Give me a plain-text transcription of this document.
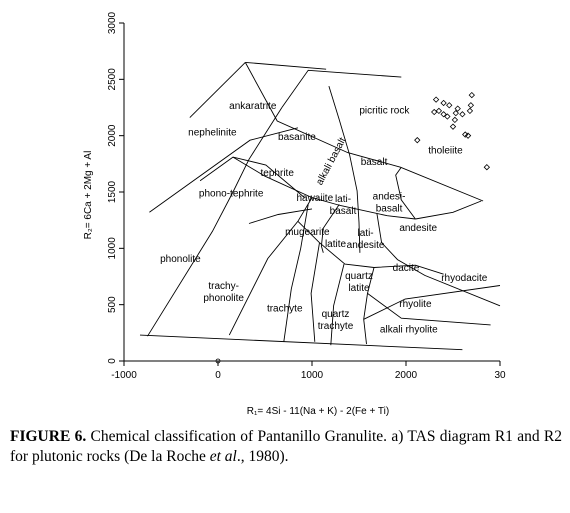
-1000	0	1000	2000	30
0
500
1000
1500
2000
2500
3000
ankaratrite	picritic rock
nephelinite	basanite
alkali basalt basalt
tholeiite
tephrite
hawaiite lati-basalt
andesi-basalt
phono-tephrite
mugearite
latite
lati-andesite
andesite
phonolite
dacite
quartz latite
rhyodacite
trachy-phonolite
trachyte
quartz trachyte
rhyolite
alkali rhyolite
R₁= 4Si - 11(Na + K) - 2(Fe + Ti)
R₂= 6Ca + 2Mg + Al
FIGURE 6. Chemical classification of Pantanillo Granulite. a) TAS diagram R1 and R2 for plutonic rocks (De la Roche et al., 1980).
